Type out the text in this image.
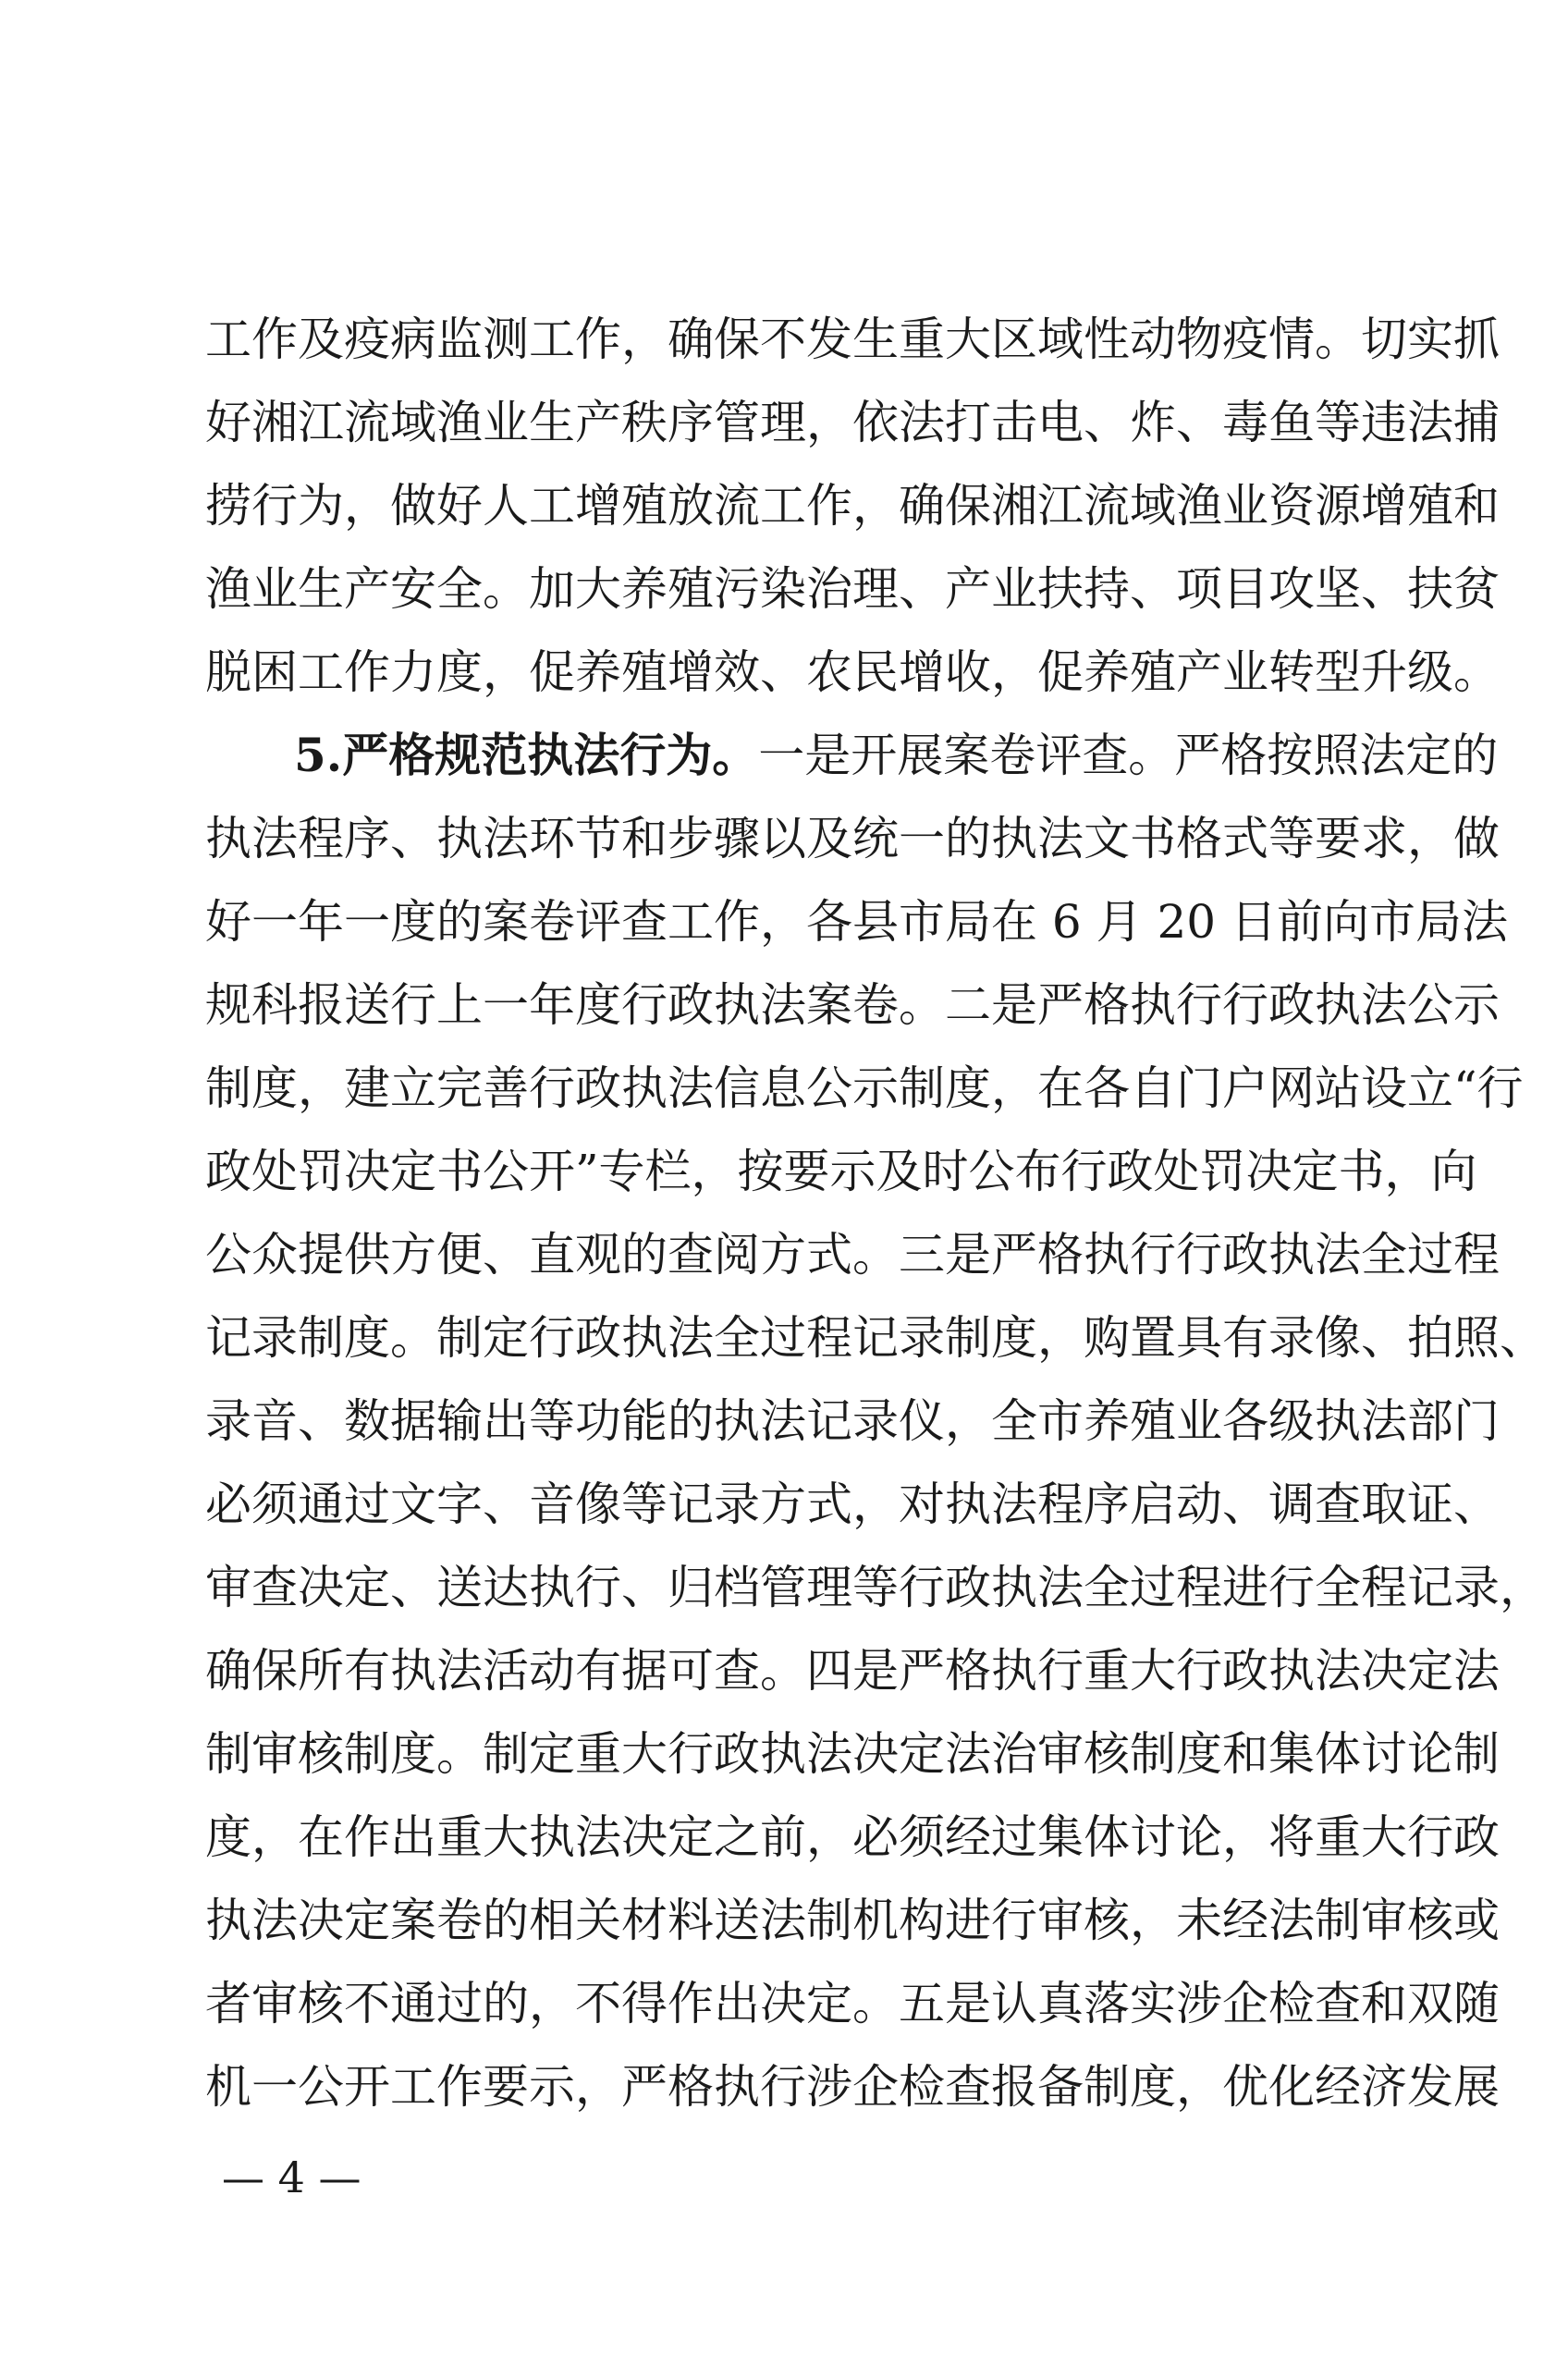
工作及疫病监测工作，确保不发生重大区域性动物疫情。切实抓
好湘江流域渔业生产秩序管理，依法打击电、炸、毒鱼等违法捕
捞行为，做好人工增殖放流工作，确保湘江流域渔业资源增殖和
渔业生产安全。加大养殖污染治理、产业扶持、项目攻坚、扶贫
脱困工作力度，促养殖增效、农民增收，促养殖产业转型升级。
5.严格规范执法行为。一是开展案卷评查。严格按照法定的
执法程序、执法环节和步骤以及统一的执法文书格式等要求，做
好一年一度的案卷评查工作，各县市局在 6 月 20 日前向市局法
规科报送行上一年度行政执法案卷。二是严格执行行政执法公示
制度，建立完善行政执法信息公示制度，在各自门户网站设立“行
政处罚决定书公开”专栏，按要示及时公布行政处罚决定书，向
公众提供方便、直观的查阅方式。三是严格执行行政执法全过程
记录制度。制定行政执法全过程记录制度，购置具有录像、拍照、
录音、数据输出等功能的执法记录仪，全市养殖业各级执法部门
必须通过文字、音像等记录方式，对执法程序启动、调查取证、
审查决定、送达执行、归档管理等行政执法全过程进行全程记录，
确保所有执法活动有据可查。四是严格执行重大行政执法决定法
制审核制度。制定重大行政执法决定法治审核制度和集体讨论制
度，在作出重大执法决定之前，必须经过集体讨论，将重大行政
执法决定案卷的相关材料送法制机构进行审核，未经法制审核或
者审核不通过的，不得作出决定。五是认真落实涉企检查和双随
机一公开工作要示，严格执行涉企检查报备制度，优化经济发展
— 4 —
